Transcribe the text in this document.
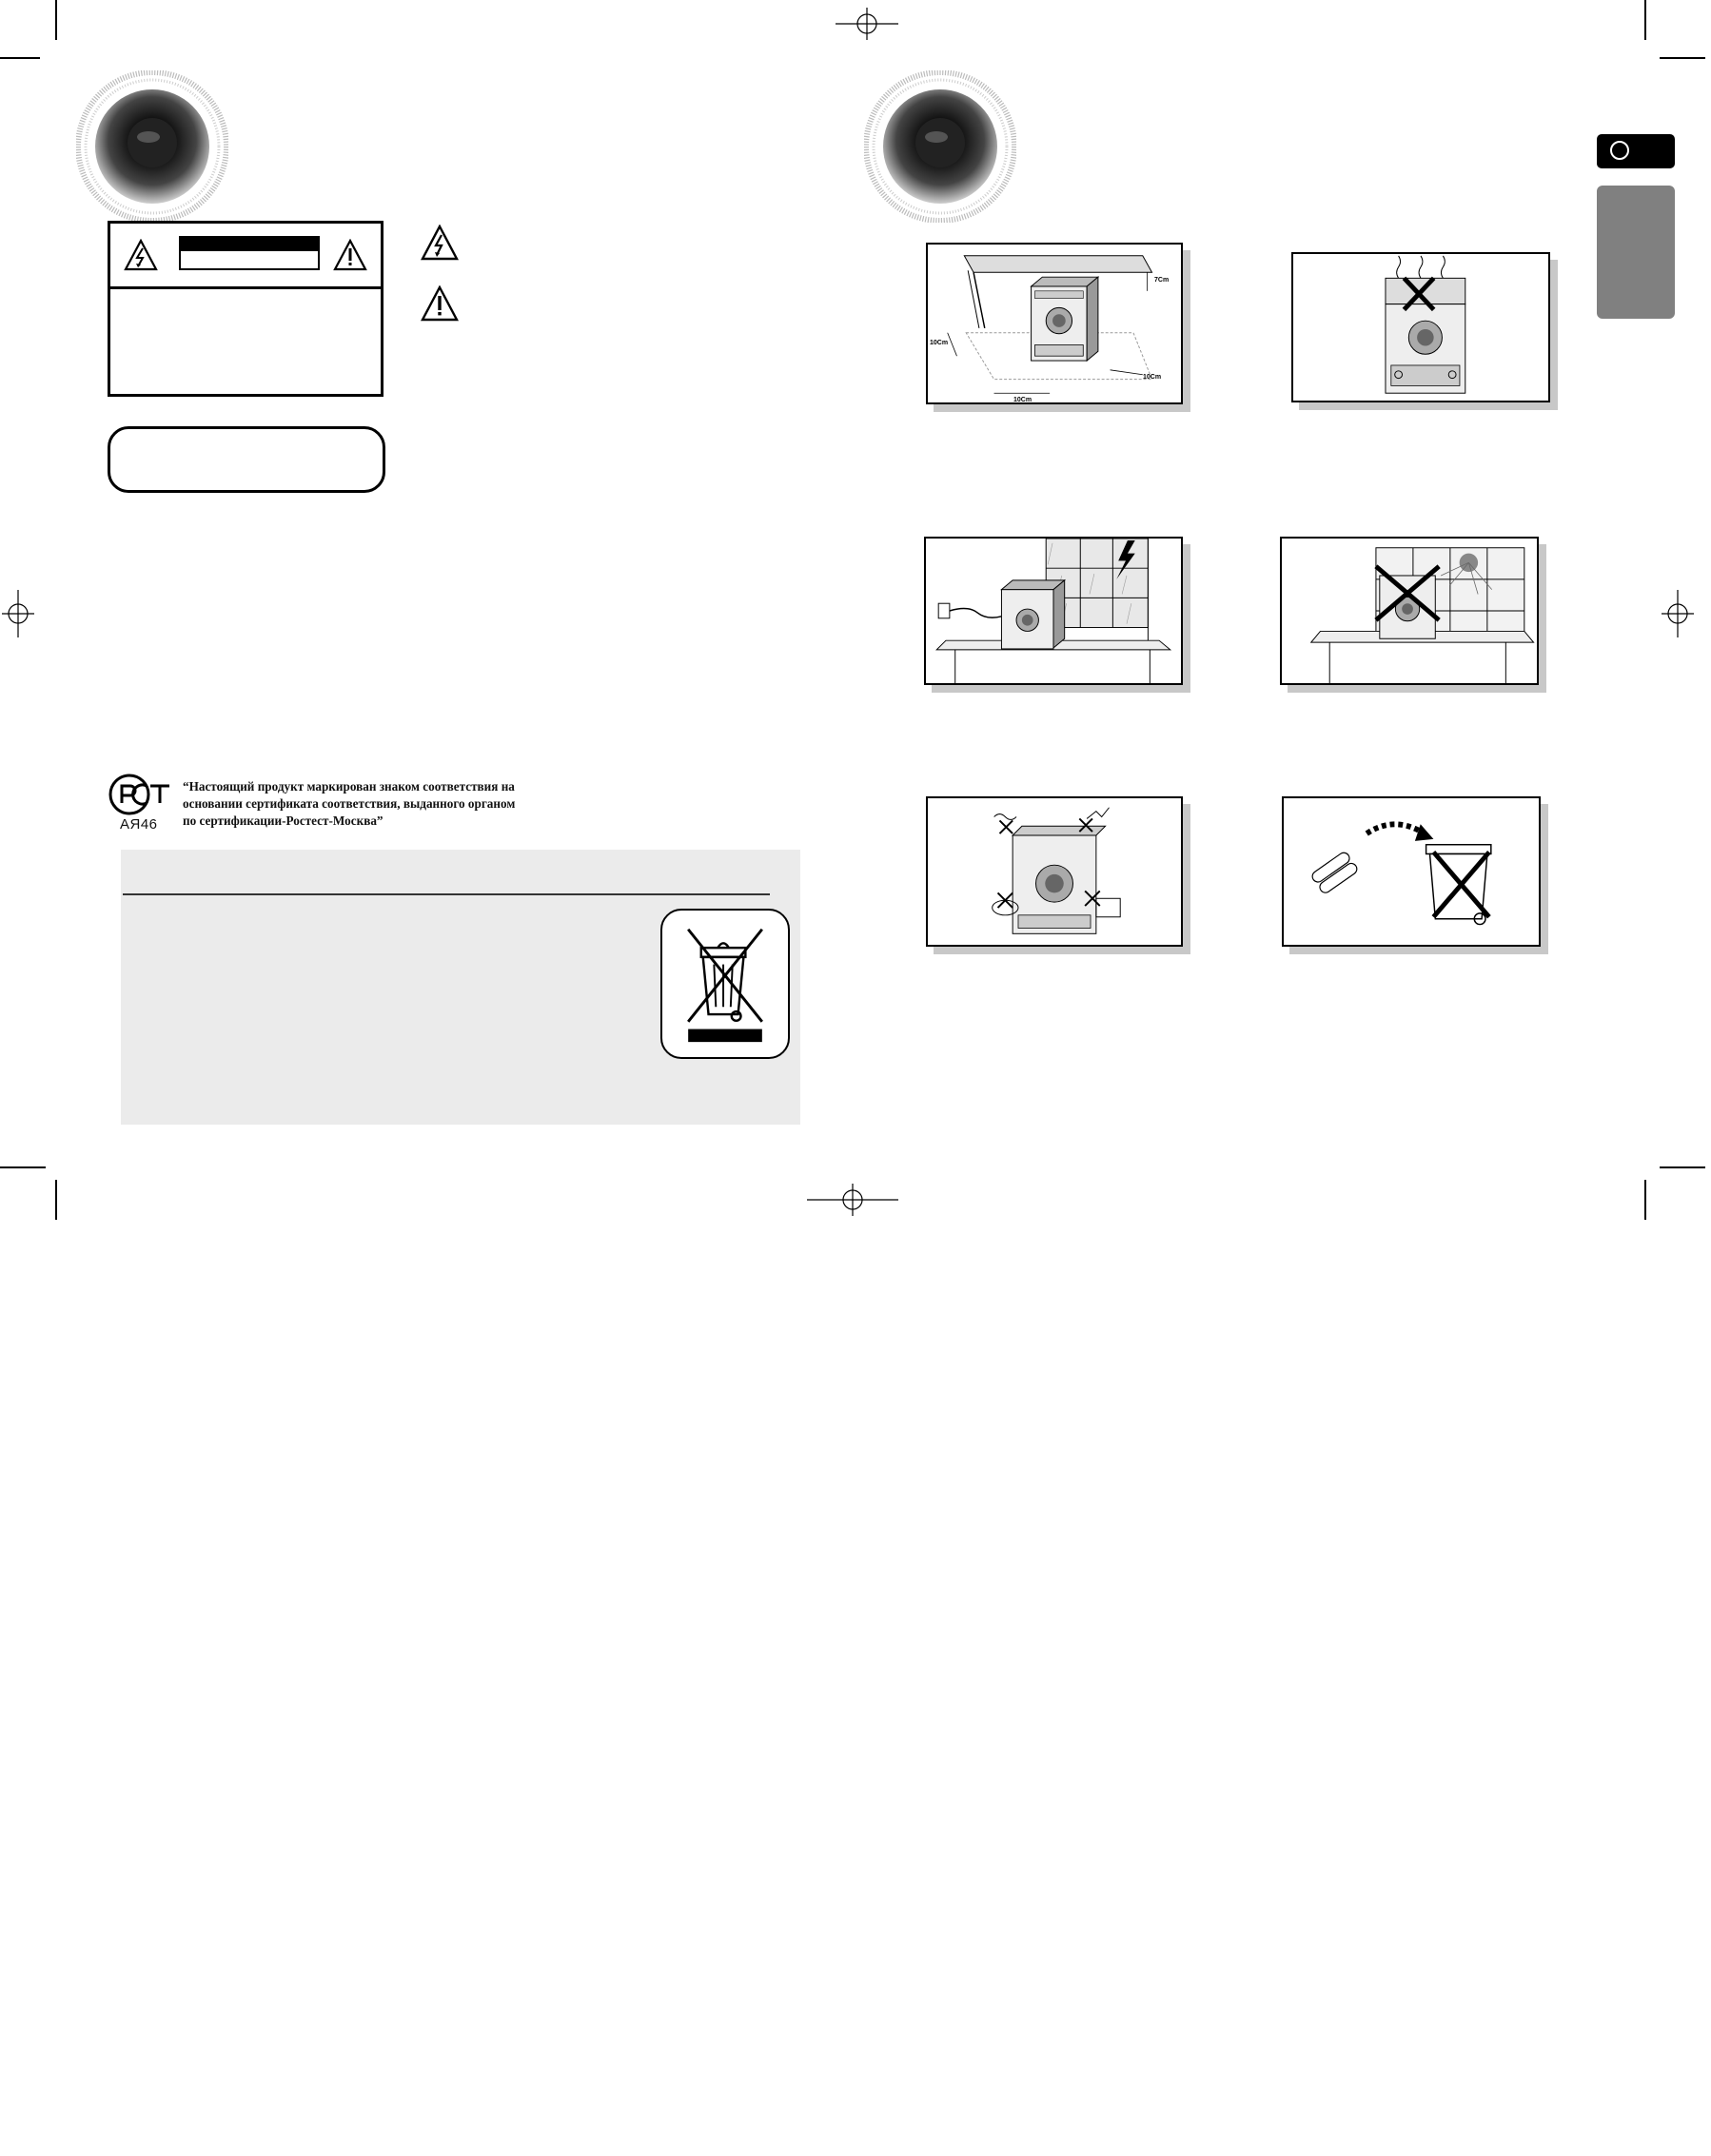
AЯ46
“Настоящий продукт маркирован знаком соответствия на
основании сертификата соответствия, выданного органом
по сертификации-Ростест-Москва”
7Cm
10Cm
10Cm
10Cm
